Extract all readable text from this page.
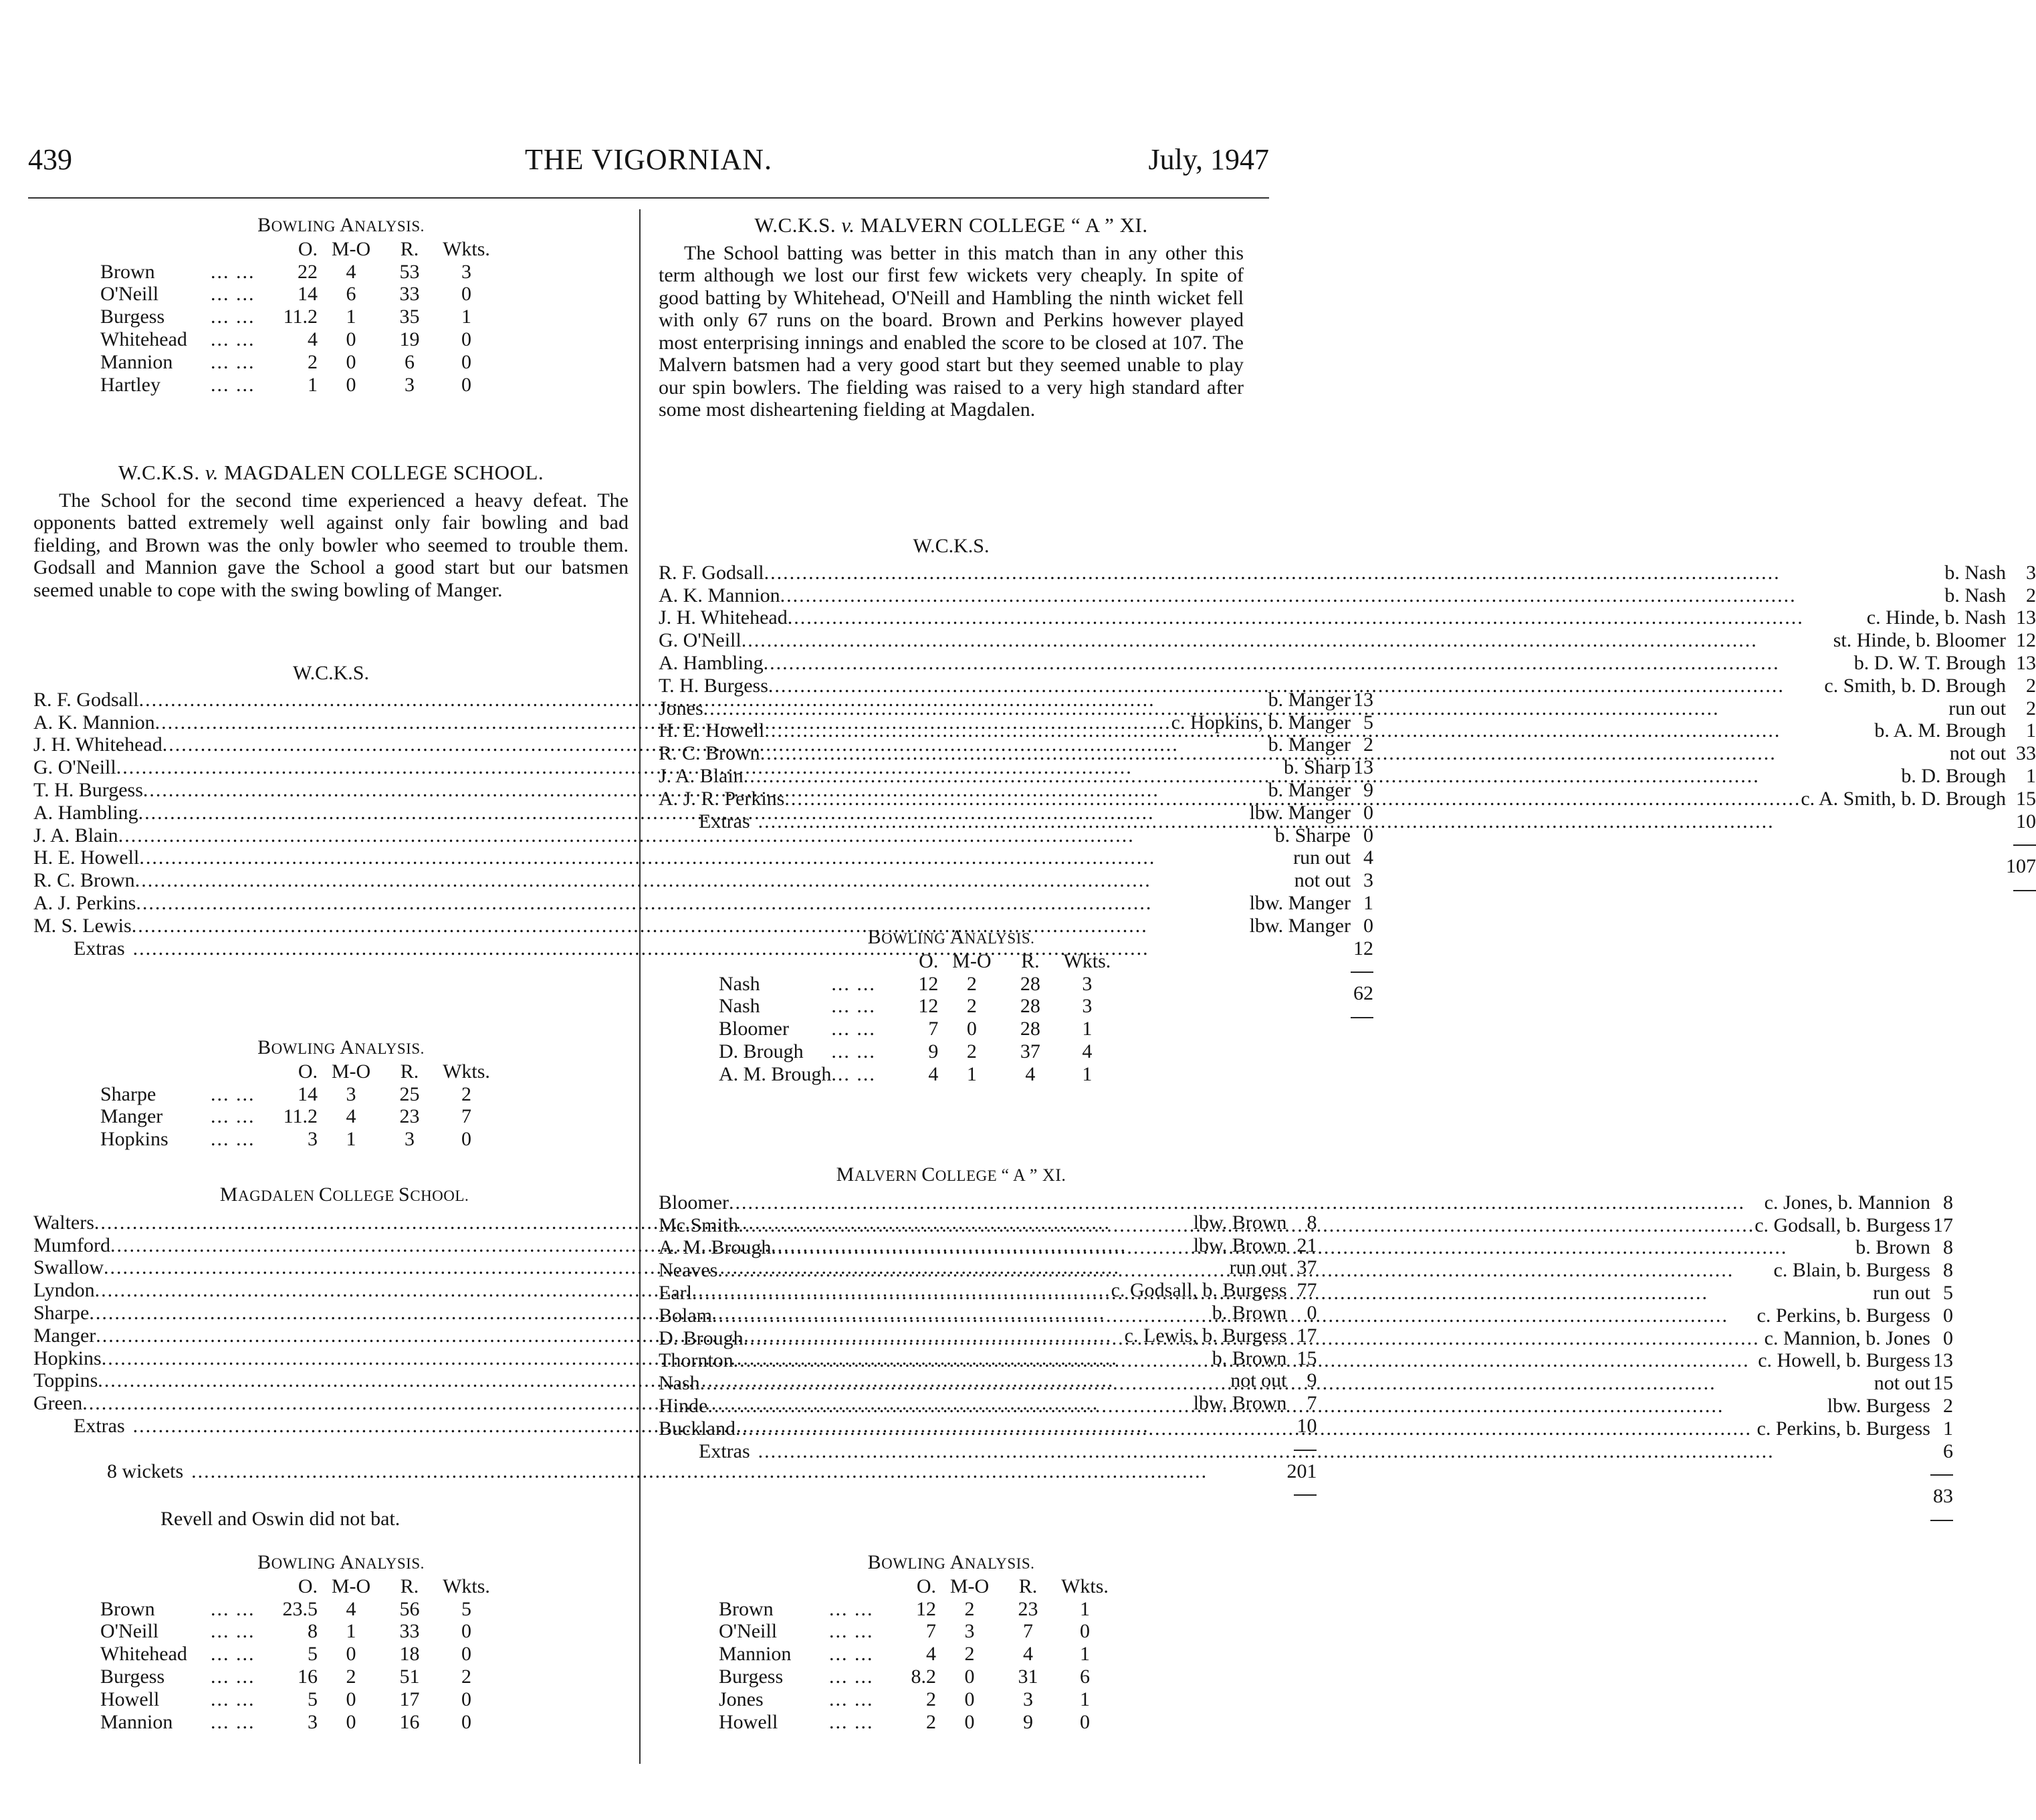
439	THE VIGORNIAN.	July, 1947
BOWLING ANALYSIS.
		O.	M-O	R.	Wkts.
Brown	... ...	22	4	53	3
O'Neill	... ...	14	6	33	0
Burgess	... ...	11.2	1	35	1
Whitehead	... ...	4	0	19	0
Mannion	... ...	2	0	6	0
Hartley	... ...	1	0	3	0
W.C.K.S. v. MAGDALEN COLLEGE SCHOOL.

The School for the second time experienced a heavy defeat. The opponents batted extremely well against only fair bowling and bad fielding, and Brown was the only bowler who seemed to trouble them. Godsall and Mannion gave the School a good start but our batsmen seemed unable to cope with the swing bowling of Manger.

W.C.K.S.
R. F. Godsall ..... b. Manger	13

A. K. Mannion ..... c. Hopkins, b. Manger	5

J. H. Whitehead ..... b. Manger	2

G. O'Neill ..... b. Sharp	13

T. H. Burgess ..... b. Manger	9

A. Hambling ..... lbw. Manger	0

J. A. Blain ..... b. Sharpe	0

H. E. Howell ..... run out	4

R. C. Brown ..... not out	3

A. J. Perkins ..... lbw. Manger	1

M. S. Lewis ..... lbw. Manger	0

Extras
.....	12

	62

BOWLING ANALYSIS.
		O.	M-O	R.	Wkts.
Sharpe	... ...	14	3	25	2
Manger	... ...	11.2	4	23	7
Hopkins	... ...	3	1	3	0
MAGDALEN COLLEGE SCHOOL.
Walters ..... lbw. Brown	8

Mumford ..... lbw. Brown	21

Swallow ..... run out	37

Lyndon ..... c. Godsall, b. Burgess	77

Sharpe ..... b. Brown	0

Manger ..... c. Lewis, b. Burgess	17

Hopkins ..... b. Brown	15

Toppins ..... not out	9

Green ..... lbw. Brown	7

Extras
.....	10

8 wickets
.....	201

Revell and Oswin did not bat.	
BOWLING ANALYSIS.
		O.	M-O	R.	Wkts.
Brown	... ...	23.5	4	56	5
O'Neill	... ...	8	1	33	0
Whitehead	... ...	5	0	18	0
Burgess	... ...	16	2	51	2
Howell	... ...	5	0	17	0
Mannion	... ...	3	0	16	0
W.C.K.S. v. MALVERN COLLEGE “ A ” XI.

The School batting was better in this match than in any other this term although we lost our first few wickets very cheaply. In spite of good batting by Whitehead, O'Neill and Hambling the ninth wicket fell with only 67 runs on the board. Brown and Perkins however played most enterprising innings and enabled the score to be closed at 107. The Malvern batsmen had a very good start but they seemed unable to play our spin bowlers. The fielding was raised to a very high standard after some most disheartening fielding at Magdalen.

W.C.K.S.
R. F. Godsall ..... b. Nash	3

A. K. Mannion ..... b. Nash	2

J. H. Whitehead ..... c. Hinde, b. Nash	13

G. O'Neill ..... st. Hinde, b. Bloomer	12

A. Hambling ..... b. D. W. T. Brough	13

T. H. Burgess ..... c. Smith, b. D. Brough	2

Jones ..... run out	2

H. E. Howell ..... b. A. M. Brough	1

R. C. Brown ..... not out	33

J. A. Blain ..... b. D. Brough	1

A. J. R. Perkins ..... c. A. Smith, b. D. Brough	15

Extras
.....	10

	107

BOWLING ANALYSIS.
		O.	M-O	R.	Wkts.
Nash	... ...	12	2	28	3
Nash	... ...	12	2	28	3
Bloomer	... ...	7	0	28	1
D. Brough	... ...	9	2	37	4
A. M. Brough	... ...	4	1	4	1
MALVERN COLLEGE “ A ” XI.
Bloomer ..... c. Jones, b. Mannion	8

Mc.Smith ..... c. Godsall, b. Burgess	17

A. M. Brough ..... b. Brown	8

Neaves ..... c. Blain, b. Burgess	8

Earl ..... run out	5

Bolam ..... c. Perkins, b. Burgess	0

D. Brough ..... c. Mannion, b. Jones	0

Thornton ..... c. Howell, b. Burgess	13

Nash ..... not out	15

Hinde ..... lbw. Burgess	2

Buckland ..... c. Perkins, b. Burgess	1

Extras
.....	6

	83

BOWLING ANALYSIS.
		O.	M-O	R.	Wkts.
Brown	... ...	12	2	23	1
O'Neill	... ...	7	3	7	0
Mannion	... ...	4	2	4	1
Burgess	... ...	8.2	0	31	6
Jones	... ...	2	0	3	1
Howell	... ...	2	0	9	0
